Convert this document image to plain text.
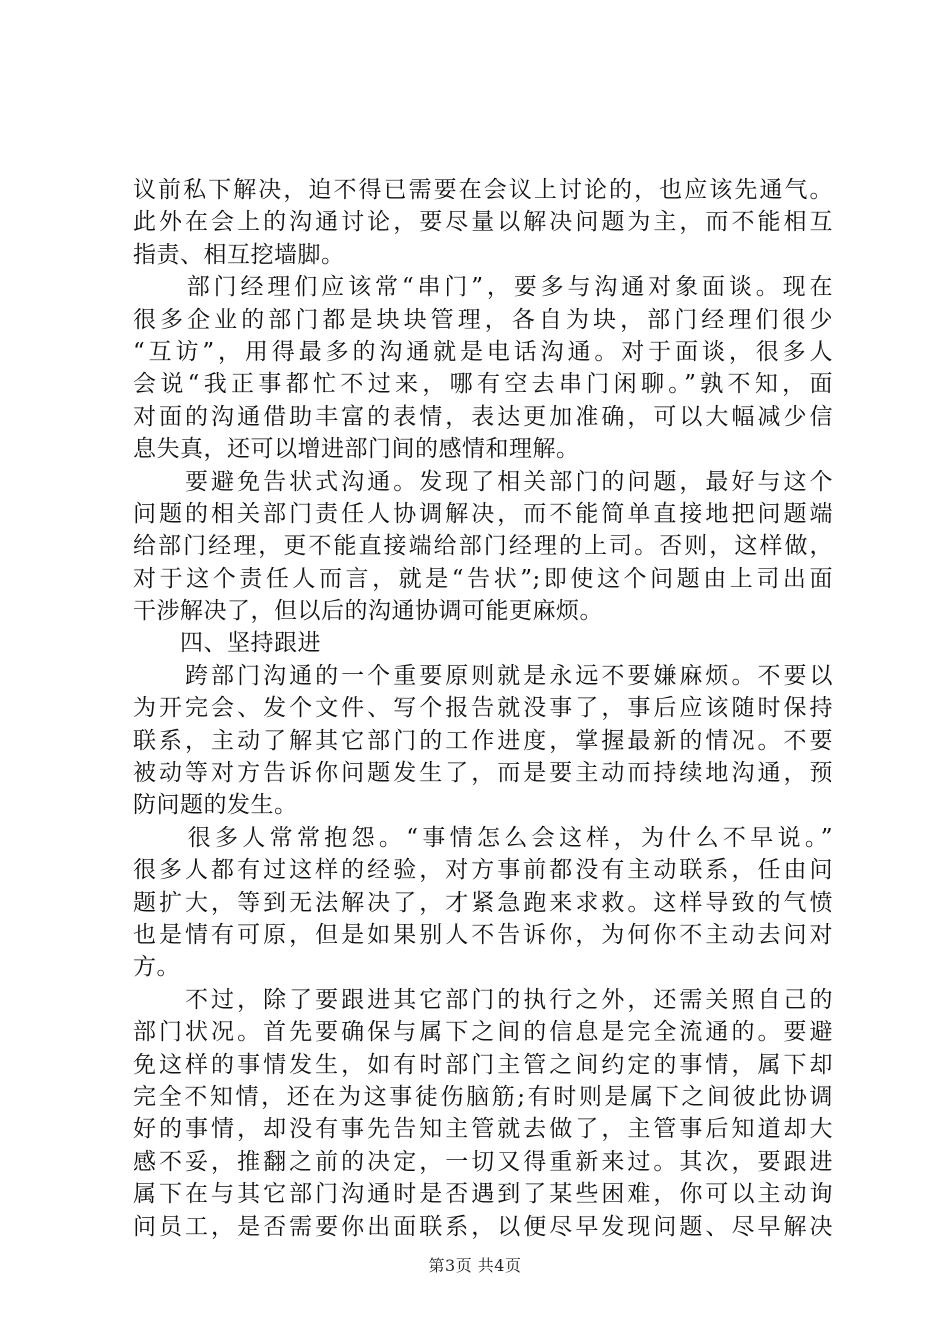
议前私下解决，迫不得已需要在会议上讨论的，也应该先通气。
此外在会上的沟通讨论，要尽量以解决问题为主，而不能相互
指责、相互挖墙脚。
　　部门经理们应该常“串门”，要多与沟通对象面谈。现在
很多企业的部门都是块块管理，各自为块，部门经理们很少
“互访”，用得最多的沟通就是电话沟通。对于面谈，很多人
会说“我正事都忙不过来，哪有空去串门闲聊。”孰不知，面
对面的沟通借助丰富的表情，表达更加准确，可以大幅减少信
息失真，还可以增进部门间的感情和理解。
　　要避免告状式沟通。发现了相关部门的问题，最好与这个
问题的相关部门责任人协调解决，而不能简单直接地把问题端
给部门经理，更不能直接端给部门经理的上司。否则，这样做，
对于这个责任人而言，就是“告状”;即使这个问题由上司出面
干涉解决了，但以后的沟通协调可能更麻烦。
　　四、坚持跟进
　　跨部门沟通的一个重要原则就是永远不要嫌麻烦。不要以
为开完会、发个文件、写个报告就没事了，事后应该随时保持
联系，主动了解其它部门的工作进度，掌握最新的情况。不要
被动等对方告诉你问题发生了，而是要主动而持续地沟通，预
防问题的发生。
　　很多人常常抱怨。“事情怎么会这样，为什么不早说。”
很多人都有过这样的经验，对方事前都没有主动联系，任由问
题扩大，等到无法解决了，才紧急跑来求救。这样导致的气愤
也是情有可原，但是如果别人不告诉你，为何你不主动去问对
方。
　　不过，除了要跟进其它部门的执行之外，还需关照自己的
部门状况。首先要确保与属下之间的信息是完全流通的。要避
免这样的事情发生，如有时部门主管之间约定的事情，属下却
完全不知情，还在为这事徒伤脑筋;有时则是属下之间彼此协调
好的事情，却没有事先告知主管就去做了，主管事后知道却大
感不妥，推翻之前的决定，一切又得重新来过。其次，要跟进
属下在与其它部门沟通时是否遇到了某些困难，你可以主动询
问员工，是否需要你出面联系，以便尽早发现问题、尽早解决
第3页 共4页
